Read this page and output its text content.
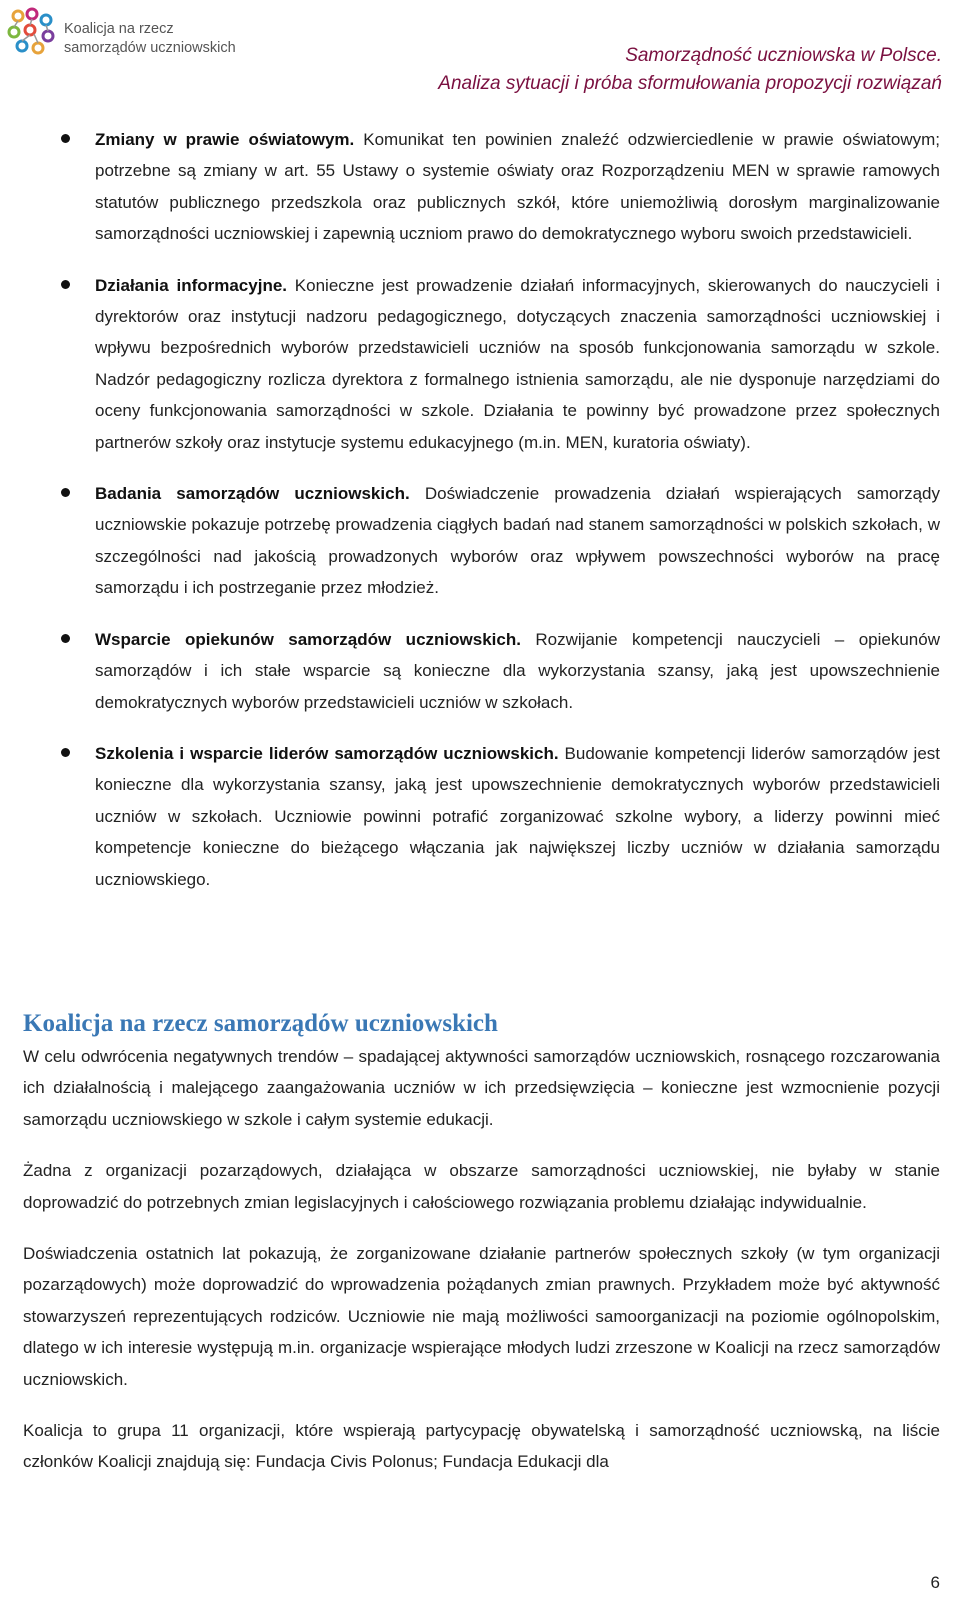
Koalicja na rzecz
samorządów uczniowskich	Samorządność uczniowska w Polsce.
Analiza sytuacji i próba sformułowania propozycji rozwiązań
Zmiany w prawie oświatowym. Komunikat ten powinien znaleźć odzwierciedlenie w prawie oświatowym; potrzebne są zmiany w art. 55 Ustawy o systemie oświaty oraz Rozporządzeniu MEN w sprawie ramowych statutów publicznego przedszkola oraz publicznych szkół, które uniemożliwią dorosłym marginalizowanie samorządności uczniowskiej i zapewnią uczniom prawo do demokratycznego wyboru swoich przedstawicieli.
Działania informacyjne. Konieczne jest prowadzenie działań informacyjnych, skierowanych do nauczycieli i dyrektorów oraz instytucji nadzoru pedagogicznego, dotyczących znaczenia samorządności uczniowskiej i wpływu bezpośrednich wyborów przedstawicieli uczniów na sposób funkcjonowania samorządu w szkole. Nadzór pedagogiczny rozlicza dyrektora z formalnego istnienia samorządu, ale nie dysponuje narzędziami do oceny funkcjonowania samorządności w szkole. Działania te powinny być prowadzone przez społecznych partnerów szkoły oraz instytucje systemu edukacyjnego (m.in. MEN, kuratoria oświaty).
Badania samorządów uczniowskich. Doświadczenie prowadzenia działań wspierających samorządy uczniowskie pokazuje potrzebę prowadzenia ciągłych badań nad stanem samorządności w polskich szkołach, w szczególności nad jakością prowadzonych wyborów oraz wpływem powszechności wyborów na pracę samorządu i ich postrzeganie przez młodzież.
Wsparcie opiekunów samorządów uczniowskich. Rozwijanie kompetencji nauczycieli – opiekunów samorządów i ich stałe wsparcie są konieczne dla wykorzystania szansy, jaką jest upowszechnienie demokratycznych wyborów przedstawicieli uczniów w szkołach.
Szkolenia i wsparcie liderów samorządów uczniowskich. Budowanie kompetencji liderów samorządów jest konieczne dla wykorzystania szansy, jaką jest upowszechnienie demokratycznych wyborów przedstawicieli uczniów w szkołach. Uczniowie powinni potrafić zorganizować szkolne wybory, a liderzy powinni mieć kompetencje konieczne do bieżącego włączania jak największej liczby uczniów w działania samorządu uczniowskiego.
Koalicja na rzecz samorządów uczniowskich

W celu odwrócenia negatywnych trendów – spadającej aktywności samorządów uczniowskich, rosnącego rozczarowania ich działalnością i malejącego zaangażowania uczniów w ich przedsięwzięcia – konieczne jest wzmocnienie pozycji samorządu uczniowskiego w szkole i całym systemie edukacji.

Żadna z organizacji pozarządowych, działająca w obszarze samorządności uczniowskiej, nie byłaby w stanie doprowadzić do potrzebnych zmian legislacyjnych i całościowego rozwiązania problemu działając indywidualnie.

Doświadczenia ostatnich lat pokazują, że zorganizowane działanie partnerów społecznych szkoły (w tym organizacji pozarządowych) może doprowadzić do wprowadzenia pożądanych zmian prawnych. Przykładem może być aktywność stowarzyszeń reprezentujących rodziców. Uczniowie nie mają możliwości samoorganizacji na poziomie ogólnopolskim, dlatego w ich interesie występują m.in. organizacje wspierające młodych ludzi zrzeszone w Koalicji na rzecz samorządów uczniowskich.

Koalicja to grupa 11 organizacji, które wspierają partycypację obywatelską i samorządność uczniowską, na liście członków Koalicji znajdują się: Fundacja Civis Polonus; Fundacja Edukacji dla

6
